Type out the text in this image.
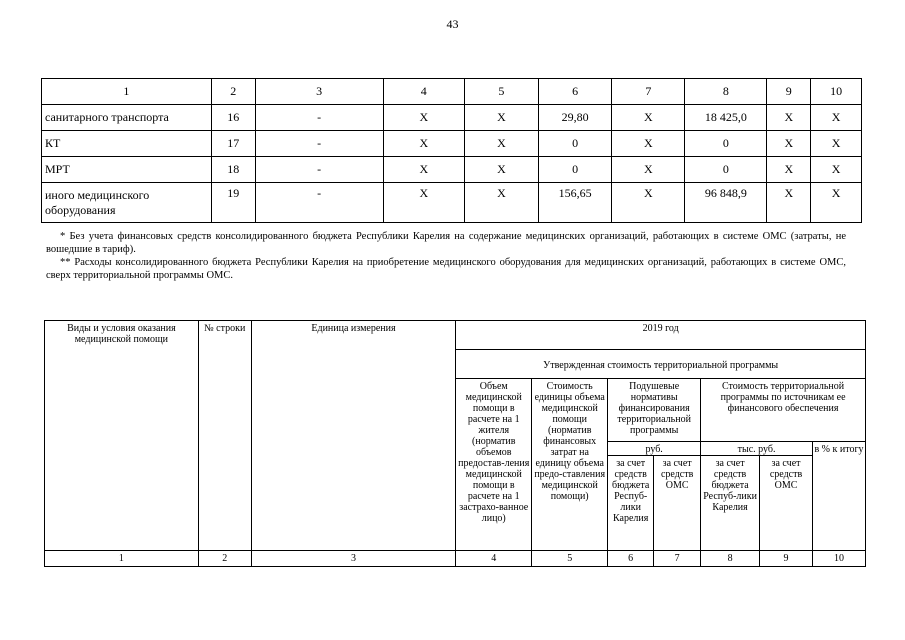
43
1	2	3	4	5	6	7	8	9	10
санитарного транспорта	16	-	X	X	29,80	X	18 425,0	X	X
КТ	17	-	X	X	0	X	0	X	X
МРТ	18	-	X	X	0	X	0	X	X
иного медицинского оборудования	19	-	X	X	156,65	X	96 848,9	X	X

* Без учета финансовых средств консолидированного бюджета Республики Карелия на содержание медицинских организаций, работающих в системе ОМС (затраты, не вошедшие в тариф).

** Расходы консолидированного бюджета Республики Карелия на приобретение медицинского оборудования для медицинских организаций, работающих в системе ОМС, сверх территориальной программы ОМС.

Виды и условия оказания медицинской помощи	№ строки	Единица измерения	2019 год						
			Утвержденная стоимость территориальной программы						
			Объем медицинской помощи в расчете на 1 жителя (норматив объемов предостав-ления медицинской помощи в расчете на 1 застрахо-ванное лицо)	Стоимость единицы объема медицинской помощи (норматив финансовых затрат на единицу объема предо-ставления медицинской помощи)	Подушевые нормативы финансирования территориальной программы		Стоимость территориальной программы по источникам ее финансового обеспечения		
					руб.		тыс. руб.		в % к итогу
					за счет средств бюджета Респуб-лики Карелия	за счет средств ОМС	за счет средств бюджета Респуб-лики Карелия	за счет средств ОМС	
1	2	3	4	5	6	7	8	9	10
